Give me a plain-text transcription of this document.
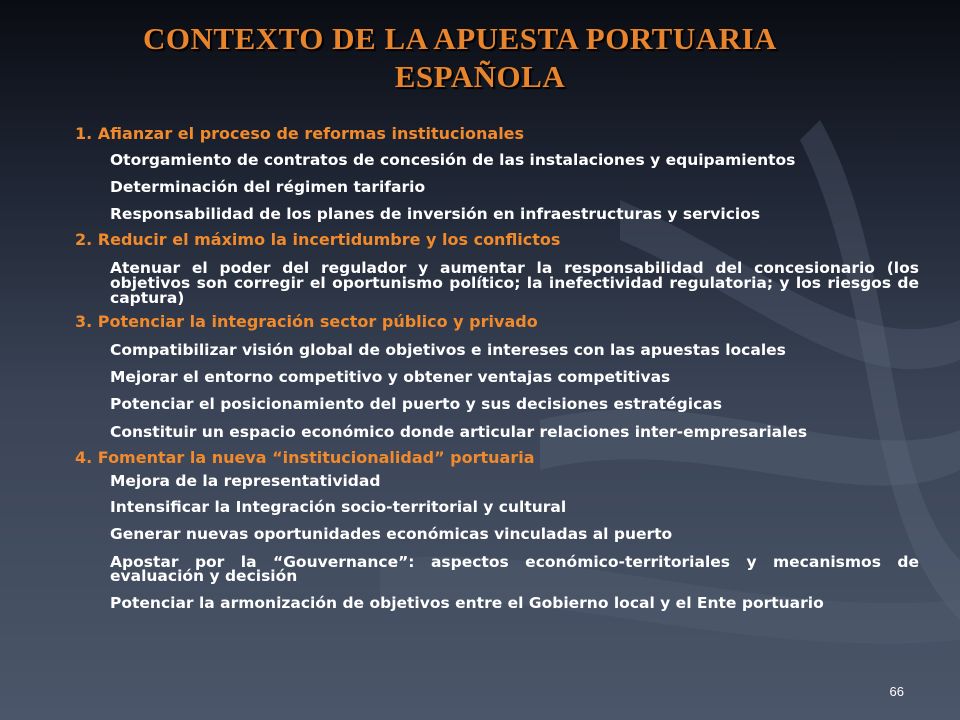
CONTEXTO DE LA APUESTA PORTUARIA
ESPAÑOLA
1. Afianzar el proceso de reformas institucionales
Otorgamiento de contratos de concesión de las instalaciones y equipamientos
Determinación del régimen tarifario
Responsabilidad de los planes de inversión en infraestructuras y servicios
2. Reducir el máximo la incertidumbre y los conflictos
Atenuar el poder del regulador y aumentar la responsabilidad del concesionario (los objetivos son corregir el oportunismo político; la inefectividad regulatoria; y los riesgos de captura)
3. Potenciar la integración sector público y privado
Compatibilizar visión global de objetivos e intereses con las apuestas locales
Mejorar el entorno competitivo y obtener ventajas competitivas
Potenciar el posicionamiento del puerto y sus decisiones estratégicas
Constituir un espacio económico donde articular relaciones inter-empresariales
4. Fomentar la nueva “institucionalidad” portuaria
Mejora de la representatividad
Intensificar la Integración socio-territorial y cultural
Generar nuevas oportunidades económicas vinculadas al puerto
Apostar por la “Gouvernance”: aspectos económico-territoriales y mecanismos de evaluación y decisión
Potenciar la armonización de objetivos entre el Gobierno local y el Ente portuario
66
